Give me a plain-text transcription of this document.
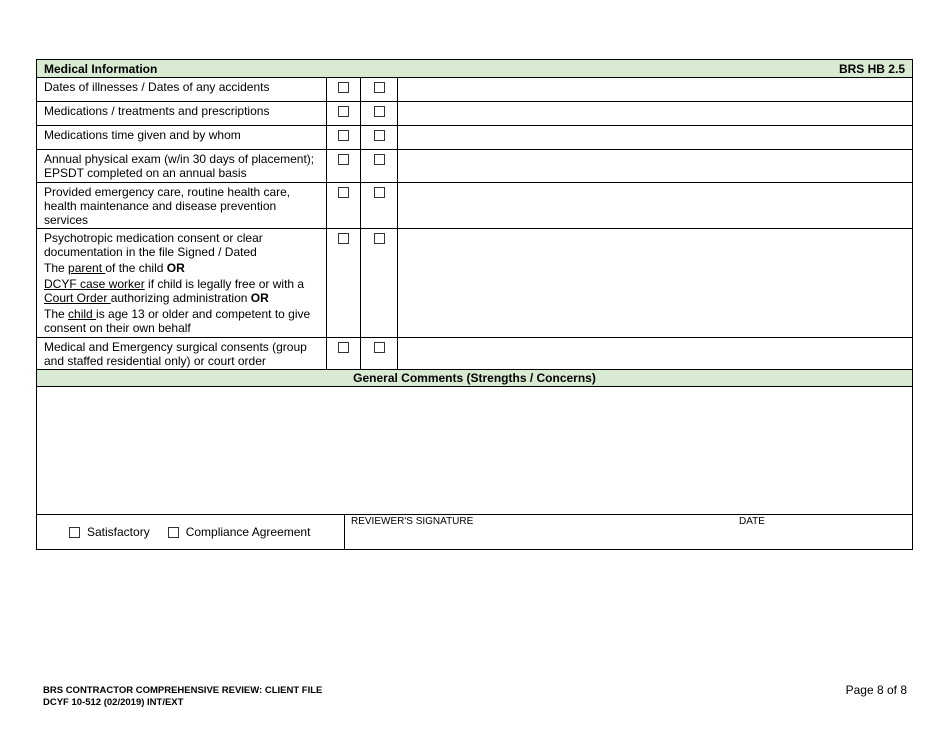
Medical Information	BRS HB 2.5

Dates of illnesses / Dates of any accidents

Medications / treatments and prescriptions

Medications time given and by whom

Annual physical exam (w/in 30 days of placement); EPSDT completed on an annual basis

Provided emergency care, routine health care, health maintenance and disease prevention services

Psychotropic medication consent or clear documentation in the file Signed / Dated

The parent of the child OR

DCYF case worker if child is legally free or with a Court Order authorizing administration OR

The child is age 13 or older and competent to give consent on their own behalf

Medical and Emergency surgical consents (group and staffed residential only) or court order

General Comments (Strengths / Concerns)
Satisfactory	Compliance Agreement
REVIEWER'S SIGNATURE	DATE
BRS CONTRACTOR COMPREHENSIVE REVIEW: CLIENT FILE
DCYF 10-512 (02/2019) INT/EXT
Page 8 of 8
